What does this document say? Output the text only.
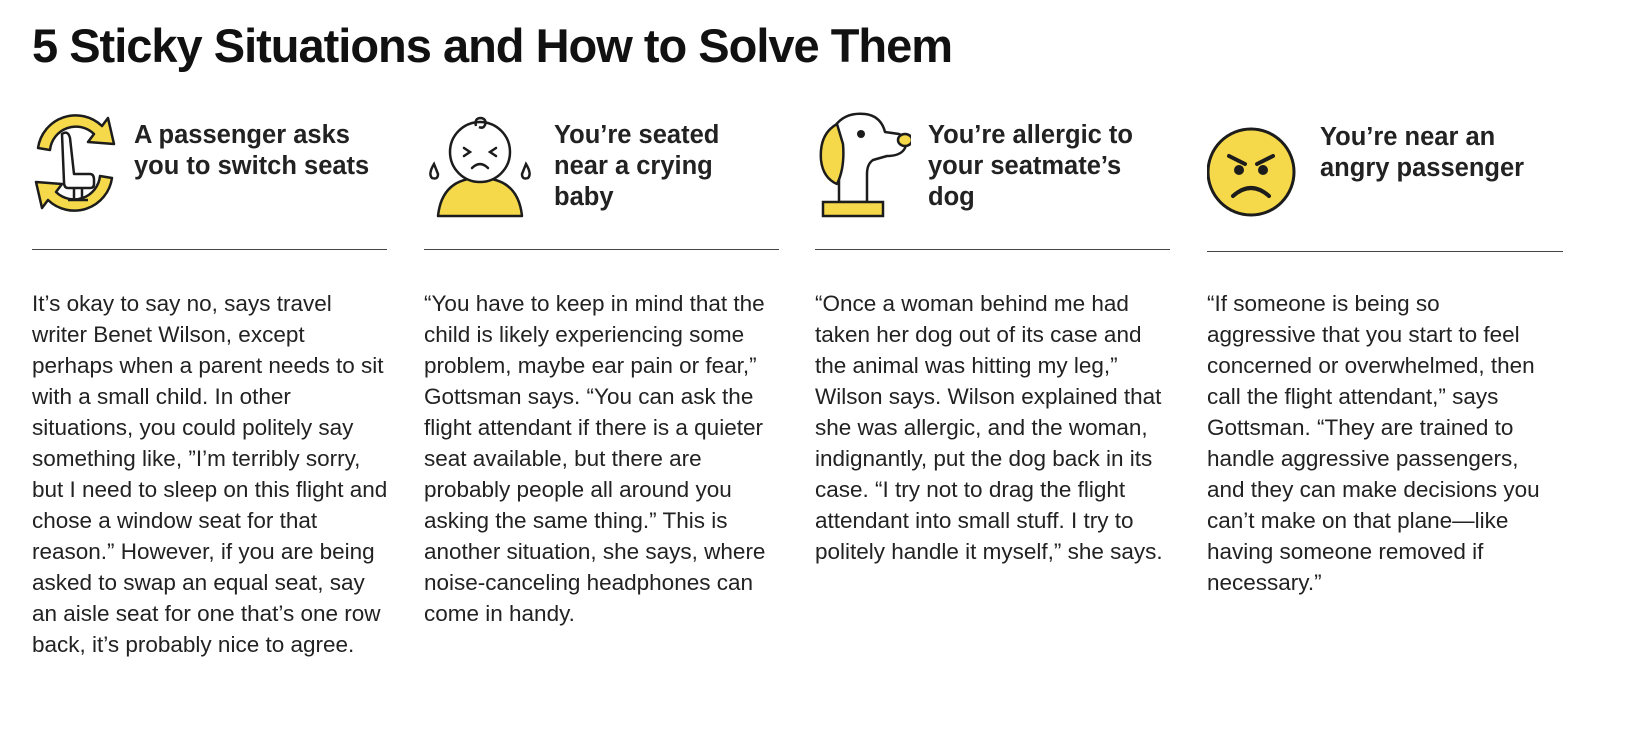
5 Sticky Situations and How to Solve Them
A passenger asks you to switch seats

It’s okay to say no, says travel writer Benet Wilson, except perhaps when a parent needs to sit with a small child. In other situations, you could politely say something like, ”I’m terribly sorry, but I need to sleep on this flight and chose a window seat for that reason.” However, if you are being asked to swap an equal seat, say an aisle seat for one that’s one row back, it’s probably nice to agree.

You’re seated near a crying baby

“You have to keep in mind that the child is likely experiencing some problem, maybe ear pain or fear,” Gottsman says. “You can ask the flight attendant if there is a quieter seat available, but there are probably people all around you asking the same thing.” This is another situation, she says, where noise-canceling headphones can come in handy.

You’re allergic to your seatmate’s dog

“Once a woman behind me had taken her dog out of its case and the animal was hitting my leg,” Wilson says. Wilson explained that she was allergic, and the woman, indignantly, put the dog back in its case. “I try not to drag the flight attendant into small stuff. I try to politely handle it myself,” she says.

You’re near an angry passenger

“If someone is being so aggressive that you start to feel concerned or overwhelmed, then call the flight attendant,” says Gottsman. “They are trained to handle aggressive passengers, and they can make decisions you can’t make on that plane—like having someone removed if necessary.”
